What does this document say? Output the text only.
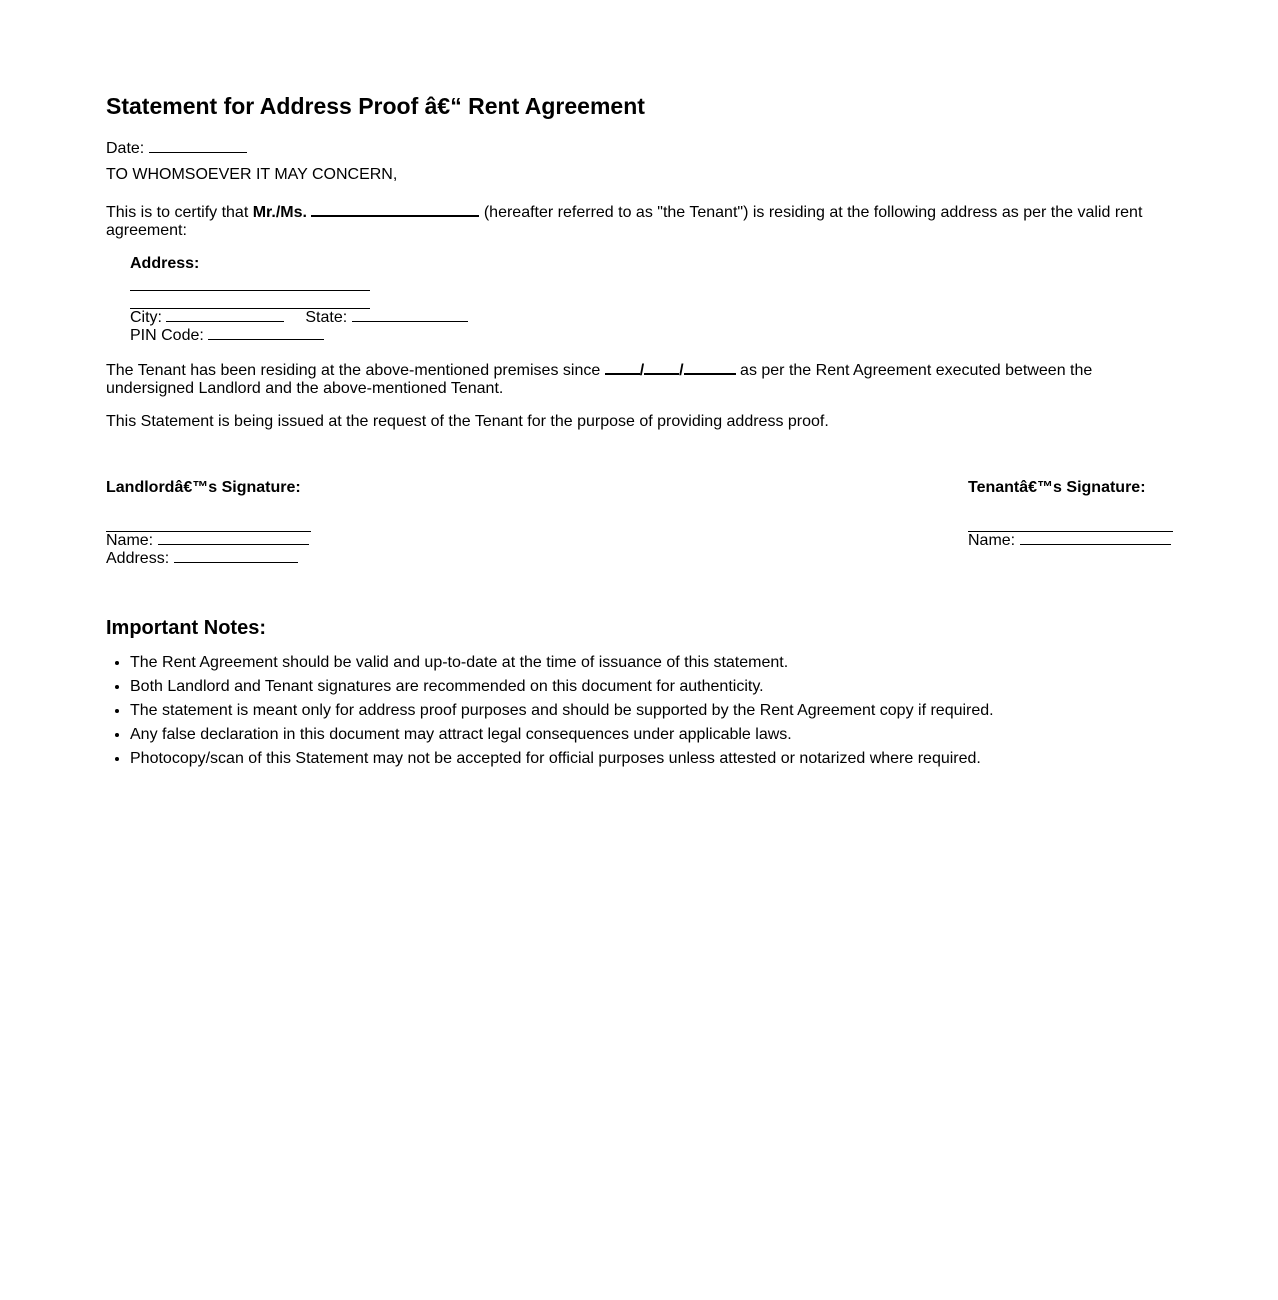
Statement for Address Proof â€“ Rent Agreement
Date:
TO WHOMSOEVER IT MAY CONCERN,
This is to certify that Mr./Ms.	(hereafter referred to as "the Tenant") is residing at the following address as per the valid rent agreement:
Address:
City:	State:
PIN Code:
The Tenant has been residing at the above-mentioned premises since / /	as per the Rent Agreement executed between the undersigned Landlord and the above-mentioned Tenant.
This Statement is being issued at the request of the Tenant for the purpose of providing address proof.
Landlordâ€™s Signature:
Name:
Address:
Tenantâ€™s Signature:
Name:
Important Notes:
• The Rent Agreement should be valid and up-to-date at the time of issuance of this statement.
• Both Landlord and Tenant signatures are recommended on this document for authenticity.
• The statement is meant only for address proof purposes and should be supported by the Rent Agreement copy if required.
• Any false declaration in this document may attract legal consequences under applicable laws.
• Photocopy/scan of this Statement may not be accepted for official purposes unless attested or notarized where required.
